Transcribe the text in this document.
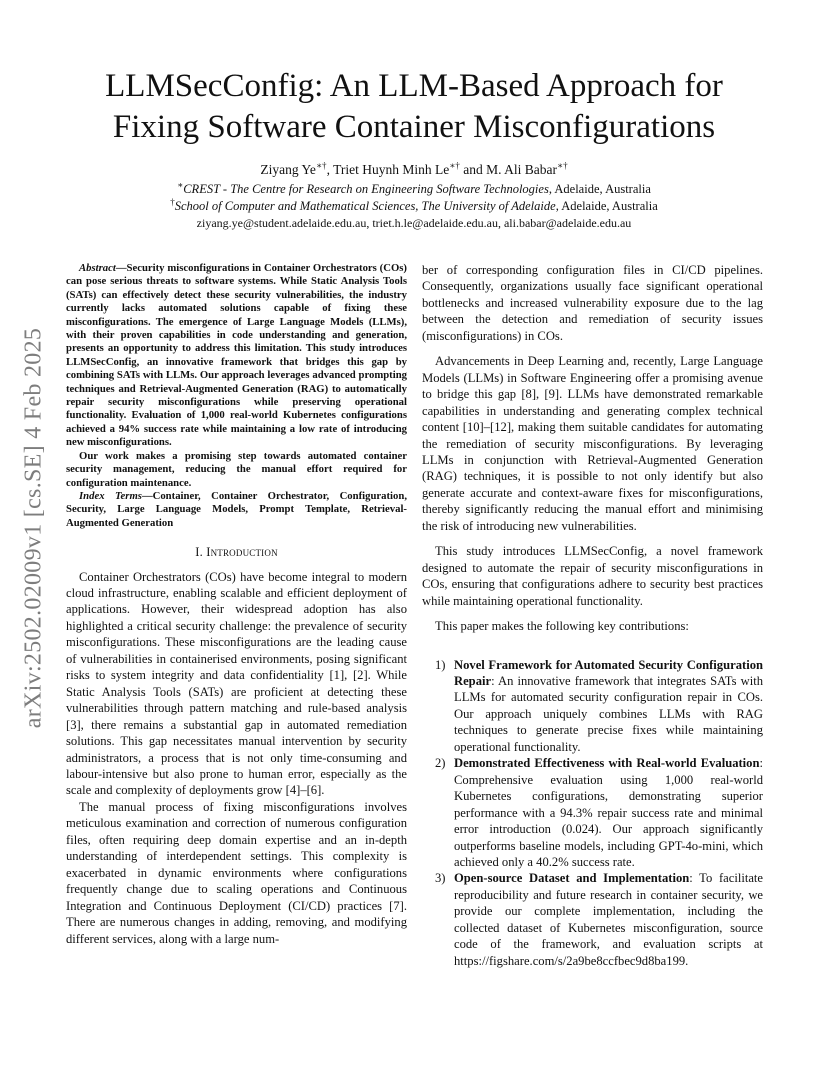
arXiv:2502.02009v1 [cs.SE] 4 Feb 2025
LLMSecConfig: An LLM-Based Approach for
Fixing Software Container Misconfigurations
Ziyang Ye∗†, Triet Huynh Minh Le∗† and M. Ali Babar∗†
∗CREST - The Centre for Research on Engineering Software Technologies, Adelaide, Australia
†School of Computer and Mathematical Sciences, The University of Adelaide, Adelaide, Australia
ziyang.ye@student.adelaide.edu.au, triet.h.le@adelaide.edu.au, ali.babar@adelaide.edu.au

Abstract—Security misconfigurations in Container Orchestrators (COs) can pose serious threats to software systems. While Static Analysis Tools (SATs) can effectively detect these security vulnerabilities, the industry currently lacks automated solutions capable of fixing these misconfigurations. The emergence of Large Language Models (LLMs), with their proven capabilities in code understanding and generation, presents an opportunity to address this limitation. This study introduces LLMSecConfig, an innovative framework that bridges this gap by combining SATs with LLMs. Our approach leverages advanced prompting techniques and Retrieval-Augmented Generation (RAG) to automatically repair security misconfigurations while preserving operational functionality. Evaluation of 1,000 real-world Kubernetes configurations achieved a 94% success rate while maintaining a low rate of introducing new misconfigurations.

Our work makes a promising step towards automated container security management, reducing the manual effort required for configuration maintenance.

Index Terms—Container, Container Orchestrator, Configuration, Security, Large Language Models, Prompt Template, Retrieval-Augmented Generation

I. Introduction

Container Orchestrators (COs) have become integral to modern cloud infrastructure, enabling scalable and efficient deployment of applications. However, their widespread adoption has also highlighted a critical security challenge: the prevalence of security misconfigurations. These misconfigurations are the leading cause of vulnerabilities in containerised environments, posing significant risks to system integrity and data confidentiality [1], [2]. While Static Analysis Tools (SATs) are proficient at detecting these vulnerabilities through pattern matching and rule-based analysis [3], there remains a substantial gap in automated remediation solutions. This gap necessitates manual intervention by security administrators, a process that is not only time-consuming and labour-intensive but also prone to human error, especially as the scale and complexity of deployments grow [4]–[6].

The manual process of fixing misconfigurations involves meticulous examination and correction of numerous configuration files, often requiring deep domain expertise and an in-depth understanding of interdependent settings. This complexity is exacerbated in dynamic environments where configurations frequently change due to scaling operations and Continuous Integration and Continuous Deployment (CI/CD) practices [7]. There are numerous changes in adding, removing, and modifying different services, along with a large num-

ber of corresponding configuration files in CI/CD pipelines. Consequently, organizations usually face significant operational bottlenecks and increased vulnerability exposure due to the lag between the detection and remediation of security issues (misconfigurations) in COs.

Advancements in Deep Learning and, recently, Large Language Models (LLMs) in Software Engineering offer a promising avenue to bridge this gap [8], [9]. LLMs have demonstrated remarkable capabilities in understanding and generating complex technical content [10]–[12], making them suitable candidates for automating the remediation of security misconfigurations. By leveraging LLMs in conjunction with Retrieval-Augmented Generation (RAG) techniques, it is possible to not only identify but also generate accurate and context-aware fixes for misconfigurations, thereby significantly reducing the manual effort and minimising the risk of introducing new vulnerabilities.

This study introduces LLMSecConfig, a novel framework designed to automate the repair of security misconfigurations in COs, ensuring that configurations adhere to security best practices while maintaining operational functionality.

This paper makes the following key contributions:

1) Novel Framework for Automated Security Configuration Repair: An innovative framework that integrates SATs with LLMs for automated security configuration repair in COs. Our approach uniquely combines LLMs with RAG techniques to generate precise fixes while maintaining operational functionality.
2) Demonstrated Effectiveness with Real-world Evaluation: Comprehensive evaluation using 1,000 real-world Kubernetes configurations, demonstrating superior performance with a 94.3% repair success rate and minimal error introduction (0.024). Our approach significantly outperforms baseline models, including GPT-4o-mini, which achieved only a 40.2% success rate.
3) Open-source Dataset and Implementation: To facilitate reproducibility and future research in container security, we provide our complete implementation, including the collected dataset of Kubernetes misconfiguration, source code of the framework, and evaluation scripts at https://figshare.com/s/2a9be8ccfbec9d8ba199.
